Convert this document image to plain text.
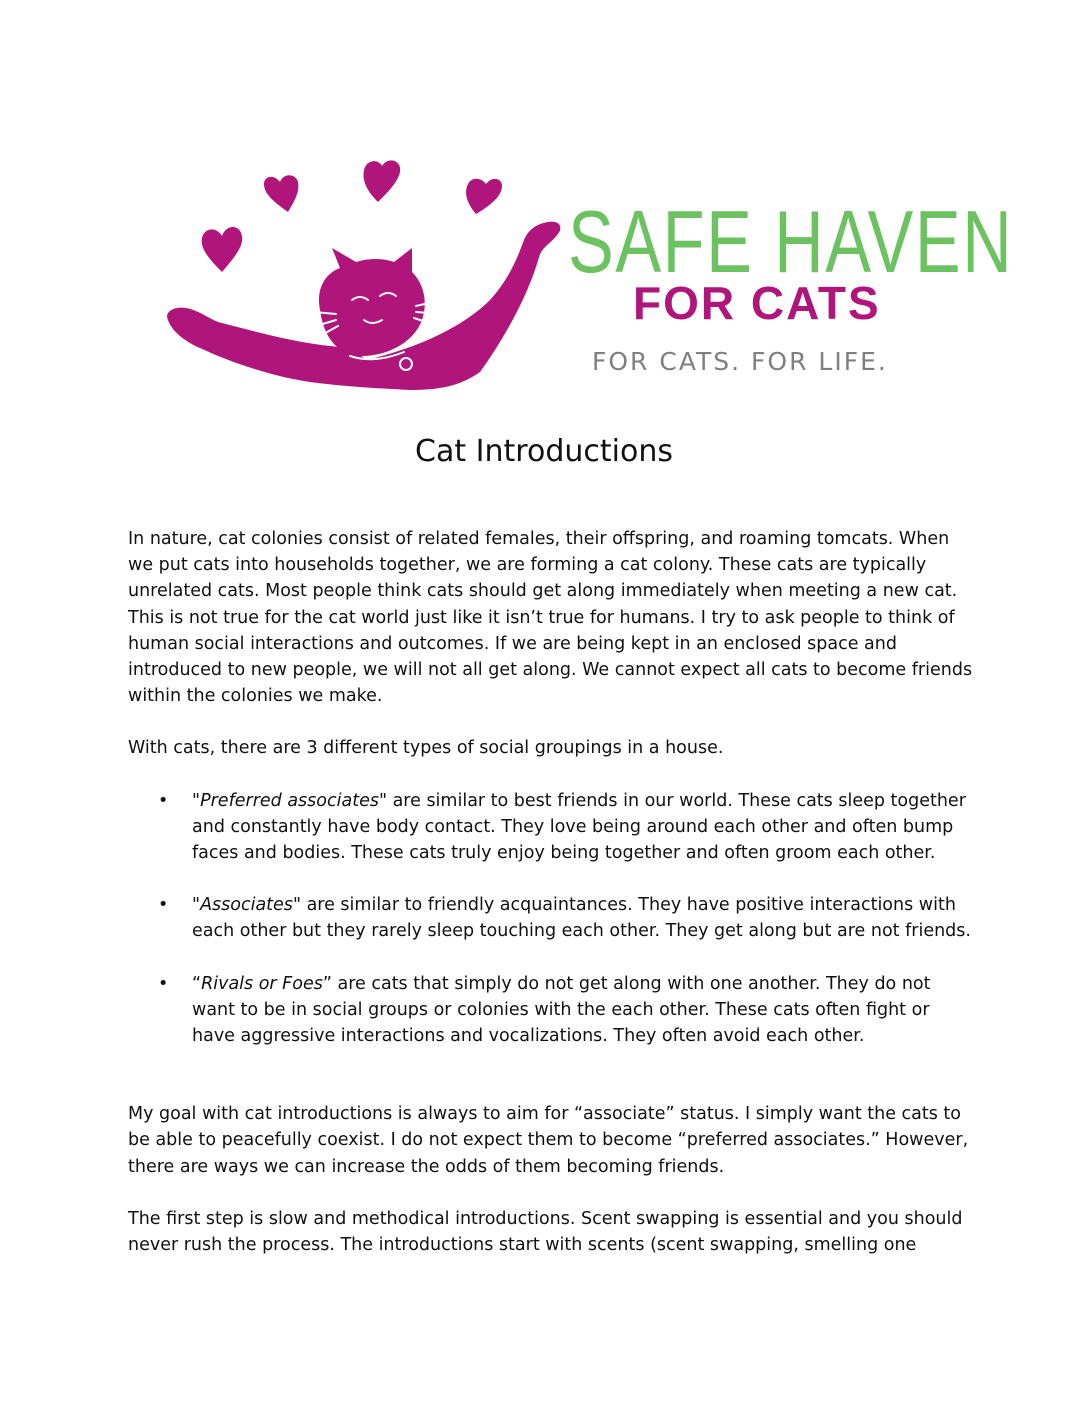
SAFE HAVEN
FOR CATS
FOR CATS. FOR LIFE.
Cat Introductions

In nature, cat colonies consist of related females, their offspring, and roaming tomcats. When we put cats into households together, we are forming a cat colony. These cats are typically unrelated cats. Most people think cats should get along immediately when meeting a new cat. This is not true for the cat world just like it isn’t true for humans. I try to ask people to think of human social interactions and outcomes. If we are being kept in an enclosed space and introduced to new people, we will not all get along. We cannot expect all cats to become friends within the colonies we make.

With cats, there are 3 different types of social groupings in a house.

• "Preferred associates" are similar to best friends in our world. These cats sleep together and constantly have body contact. They love being around each other and often bump faces and bodies. These cats truly enjoy being together and often groom each other.
• "Associates" are similar to friendly acquaintances. They have positive interactions with each other but they rarely sleep touching each other. They get along but are not friends.
• “Rivals or Foes” are cats that simply do not get along with one another. They do not want to be in social groups or colonies with the each other. These cats often fight or have aggressive interactions and vocalizations. They often avoid each other.

My goal with cat introductions is always to aim for “associate” status. I simply want the cats to be able to peacefully coexist. I do not expect them to become “preferred associates.” However, there are ways we can increase the odds of them becoming friends.

The first step is slow and methodical introductions. Scent swapping is essential and you should never rush the process. The introductions start with scents (scent swapping, smelling one
